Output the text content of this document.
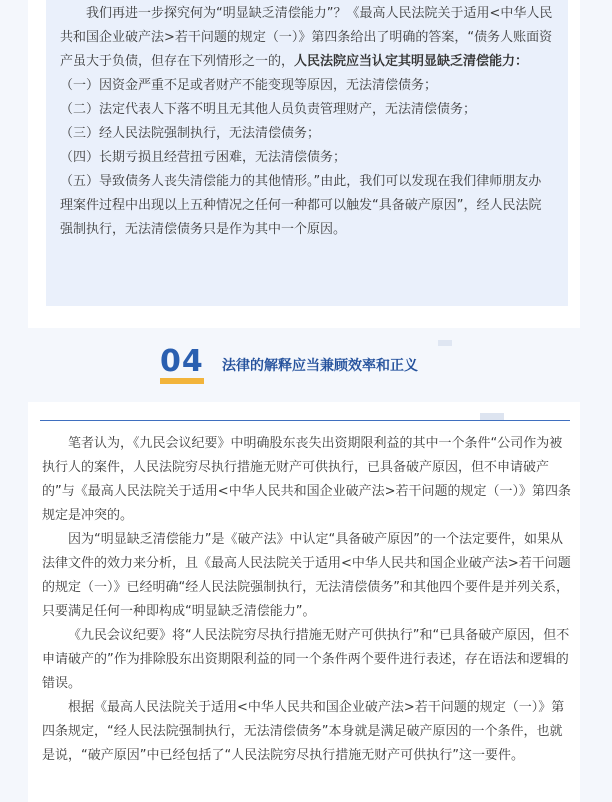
我们再进一步探究何为“明显缺乏清偿能力”？《最高人民法院关于适用<中华人民共和国企业破产法>若干问题的规定（一）》第四条给出了明确的答案，“债务人账面资产虽大于负债，但存在下列情形之一的，人民法院应当认定其明显缺乏清偿能力：

（一）因资金严重不足或者财产不能变现等原因，无法清偿债务；

（二）法定代表人下落不明且无其他人员负责管理财产，无法清偿债务；

（三）经人民法院强制执行，无法清偿债务；

（四）长期亏损且经营扭亏困难，无法清偿债务；

（五）导致债务人丧失清偿能力的其他情形。”由此，我们可以发现在我们律师朋友办理案件过程中出现以上五种情况之任何一种都可以触发“具备破产原因”，经人民法院强制执行，无法清偿债务只是作为其中一个原因。

04 法律的解释应当兼顾效率和正义

笔者认为，《九民会议纪要》中明确股东丧失出资期限利益的其中一个条件“公司作为被执行人的案件，人民法院穷尽执行措施无财产可供执行，已具备破产原因，但不申请破产的”与《最高人民法院关于适用<中华人民共和国企业破产法>若干问题的规定（一）》第四条规定是冲突的。

因为“明显缺乏清偿能力”是《破产法》中认定“具备破产原因”的一个法定要件，如果从法律文件的效力来分析，且《最高人民法院关于适用<中华人民共和国企业破产法>若干问题的规定（一）》已经明确“经人民法院强制执行，无法清偿债务”和其他四个要件是并列关系，只要满足任何一种即构成“明显缺乏清偿能力”。

《九民会议纪要》将“人民法院穷尽执行措施无财产可供执行”和“已具备破产原因，但不申请破产的”作为排除股东出资期限利益的同一个条件两个要件进行表述，存在语法和逻辑的错误。

根据《最高人民法院关于适用<中华人民共和国企业破产法>若干问题的规定（一）》第四条规定，“经人民法院强制执行，无法清偿债务”本身就是满足破产原因的一个条件，也就是说，“破产原因”中已经包括了“人民法院穷尽执行措施无财产可供执行”这一要件。
